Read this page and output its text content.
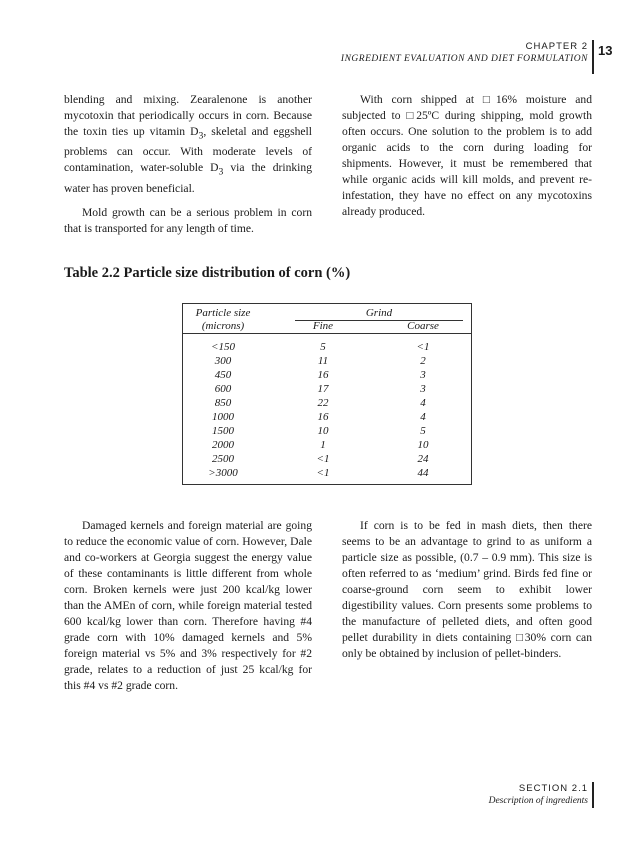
CHAPTER 2
INGREDIENT EVALUATION AND DIET FORMULATION
13

blending and mixing. Zearalenone is another mycotoxin that periodically occurs in corn. Because the toxin ties up vitamin $D_3$, skeletal and eggshell problems can occur. With moderate levels of contamination, water-soluble $D_3$ via the drinking water has proven beneficial.

Mold growth can be a serious problem in corn that is transported for any length of time.

With corn shipped at □16% moisture and subjected to □25ºC during shipping, mold growth often occurs. One solution to the problem is to add organic acids to the corn during loading for shipments. However, it must be remembered that while organic acids will kill molds, and prevent re-infestation, they have no effect on any mycotoxins already produced.

Table 2.2 Particle size distribution of corn (%)
Particle size
(microns)
Grind
Fine	Coarse
<150
300
450
600
850
1000
1500
2000
2500
>3000
5
11
16
17
22
16
10
1
<1
<1
<1
2
3
3
4
4
5
10
24
44

Damaged kernels and foreign material are going to reduce the economic value of corn. However, Dale and co-workers at Georgia suggest the energy value of these contaminants is little different from whole corn. Broken kernels were just 200 kcal/kg lower than the AMEn of corn, while foreign material tested 600 kcal/kg lower than corn. Therefore having #4 grade corn with 10% damaged kernels and 5% foreign material vs 5% and 3% respectively for #2 grade, relates to a reduction of just 25 kcal/kg for this #4 vs #2 grade corn.

If corn is to be fed in mash diets, then there seems to be an advantage to grind to as uniform a particle size as possible, (0.7 – 0.9 mm). This size is often referred to as ‘medium’ grind. Birds fed fine or coarse-ground corn seem to exhibit lower digestibility values. Corn presents some problems to the manufacture of pelleted diets, and often good pellet durability in diets containing □30% corn can only be obtained by inclusion of pellet-binders.

SECTION 2.1
Description of ingredients
